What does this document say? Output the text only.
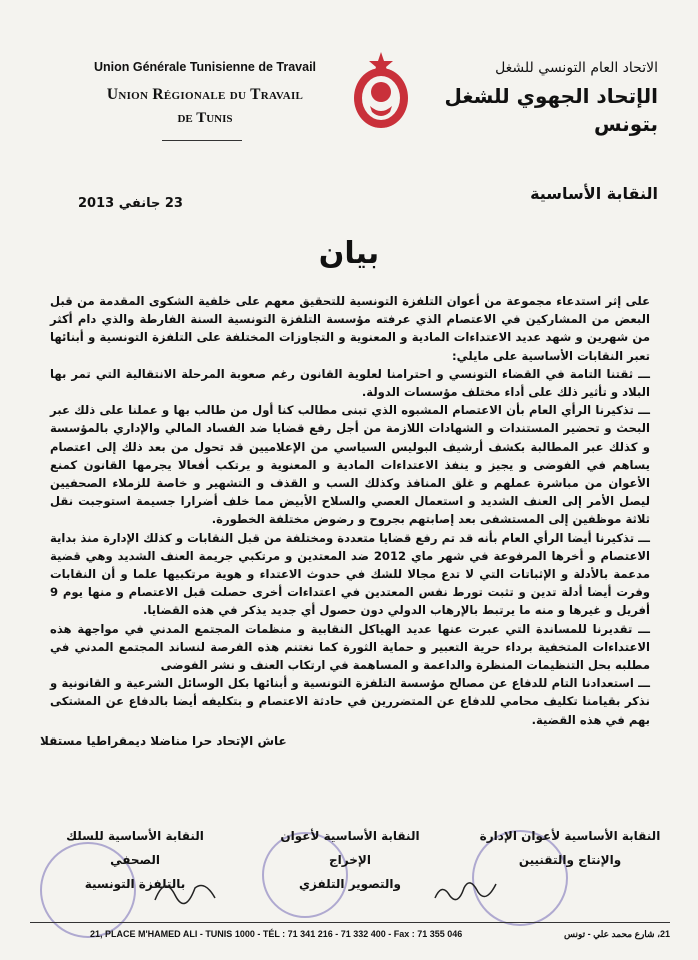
Union Générale Tunisienne de Travail
Union Régionale du Travail
de Tunis
الاتحاد العام التونسي للشغل
الإتحاد الجهوي للشغل
بتونس
23 جانفي 2013
النقابة الأساسية
بيان

على إثر استدعاء مجموعة من أعوان التلفزة التونسية للتحقيق معهم على خلفية الشكوى المقدمة من قبل البعض من المشاركين في الاعتصام الذي عرفته مؤسسة التلفزة التونسية السنة الفارطة والذي دام أكثر من شهرين و شهد عديد الاعتداءات المادية و المعنوية و التجاوزات المختلفة على التلفزة التونسية و أبنائها تعبر النقابات الأساسية على مايلي:

ـــ ثقتنا التامة في القضاء التونسي و احترامنا لعلوية القانون رغم صعوبة المرحلة الانتقالية التي تمر بها البلاد و تأثير ذلك على أداء مختلف مؤسسات الدولة.

ـــ تذكيرنا الرأي العام بأن الاعتصام المشبوه الذي تبنى مطالب كنا أول من طالب بها و عملنا على ذلك عبر البحث و تحضير المستندات و الشهادات اللازمة من أجل رفع قضايا ضد الفساد المالي والإداري بالمؤسسة و كذلك عبر المطالبة بكشف أرشيف البوليس السياسي من الإعلاميين قد تحول من بعد ذلك إلى اعتصام يساهم في الفوضى و يجيز و ينفذ الاعتداءات المادية و المعنوية و يرتكب أفعالا يجرمها القانون كمنع الأعوان من مباشرة عملهم و غلق المنافذ وكذلك السب و القذف و التشهير و خاصة للزملاء الصحفيين ليصل الأمر إلى العنف الشديد و استعمال العصي والسلاح الأبيض مما خلف أضرارا جسيمة استوجبت نقل ثلاثة موظفين إلى المستشفى بعد إصابتهم بجروح و رضوض مختلفة الخطورة.

ـــ تذكيرنا أيضا الرأي العام بأنه قد تم رفع قضايا متعددة ومختلفة من قبل النقابات و كذلك الإدارة منذ بداية الاعتصام و أخرها المرفوعة في شهر ماي 2012 ضد المعتدين و مرتكبي جريمة العنف الشديد وهي قضية مدعمة بالأدلة و الإثباتات التي لا تدع مجالا للشك في حدوث الاعتداء و هوية مرتكبيها علما و أن النقابات وفرت أيضا أدلة تدين و تثبت تورط نفس المعتدين في اعتداءات أخرى حصلت قبل الاعتصام و منها يوم 9 أفريل و غيرها و منه ما يرتبط بالإرهاب الدولي دون حصول أي جديد يذكر في هذه القضايا.

ـــ تقديرنا للمساندة التي عبرت عنها عديد الهياكل النقابية و منظمات المجتمع المدني في مواجهة هذه الاعتداءات المتخفية برداء حرية التعبير و حماية الثورة كما نغتنم هذه الفرصة لنساند المجتمع المدني في مطلبه بحل التنظيمات المنظرة والداعمة و المساهمة في ارتكاب العنف و نشر الفوضى

ـــ استعدادنا التام للدفاع عن مصالح مؤسسة التلفزة التونسية و أبنائها بكل الوسائل الشرعية و القانونية و نذكر بقيامنا تكليف محامي للدفاع عن المتضررين في حادثة الاعتصام و بتكليفه أيضا بالدفاع عن المشتكى بهم في هذه القضية.

عاش الإتحاد حرا مناضلا ديمقراطيا مستقلا
النقابة الأساسية للسلك الصحفي
بالتلفزة التونسية
النقابة الأساسية لأعوان الإخراج
والتصوير التلفزي
النقابة الأساسية لأعوان الإدارة
والإنتاج والتقنيين
21, PLACE M'HAMED ALI - TUNIS 1000 - TÉL : 71 341 216 - 71 332 400 - Fax : 71 355 046	21، شارع محمد علي - تونس
